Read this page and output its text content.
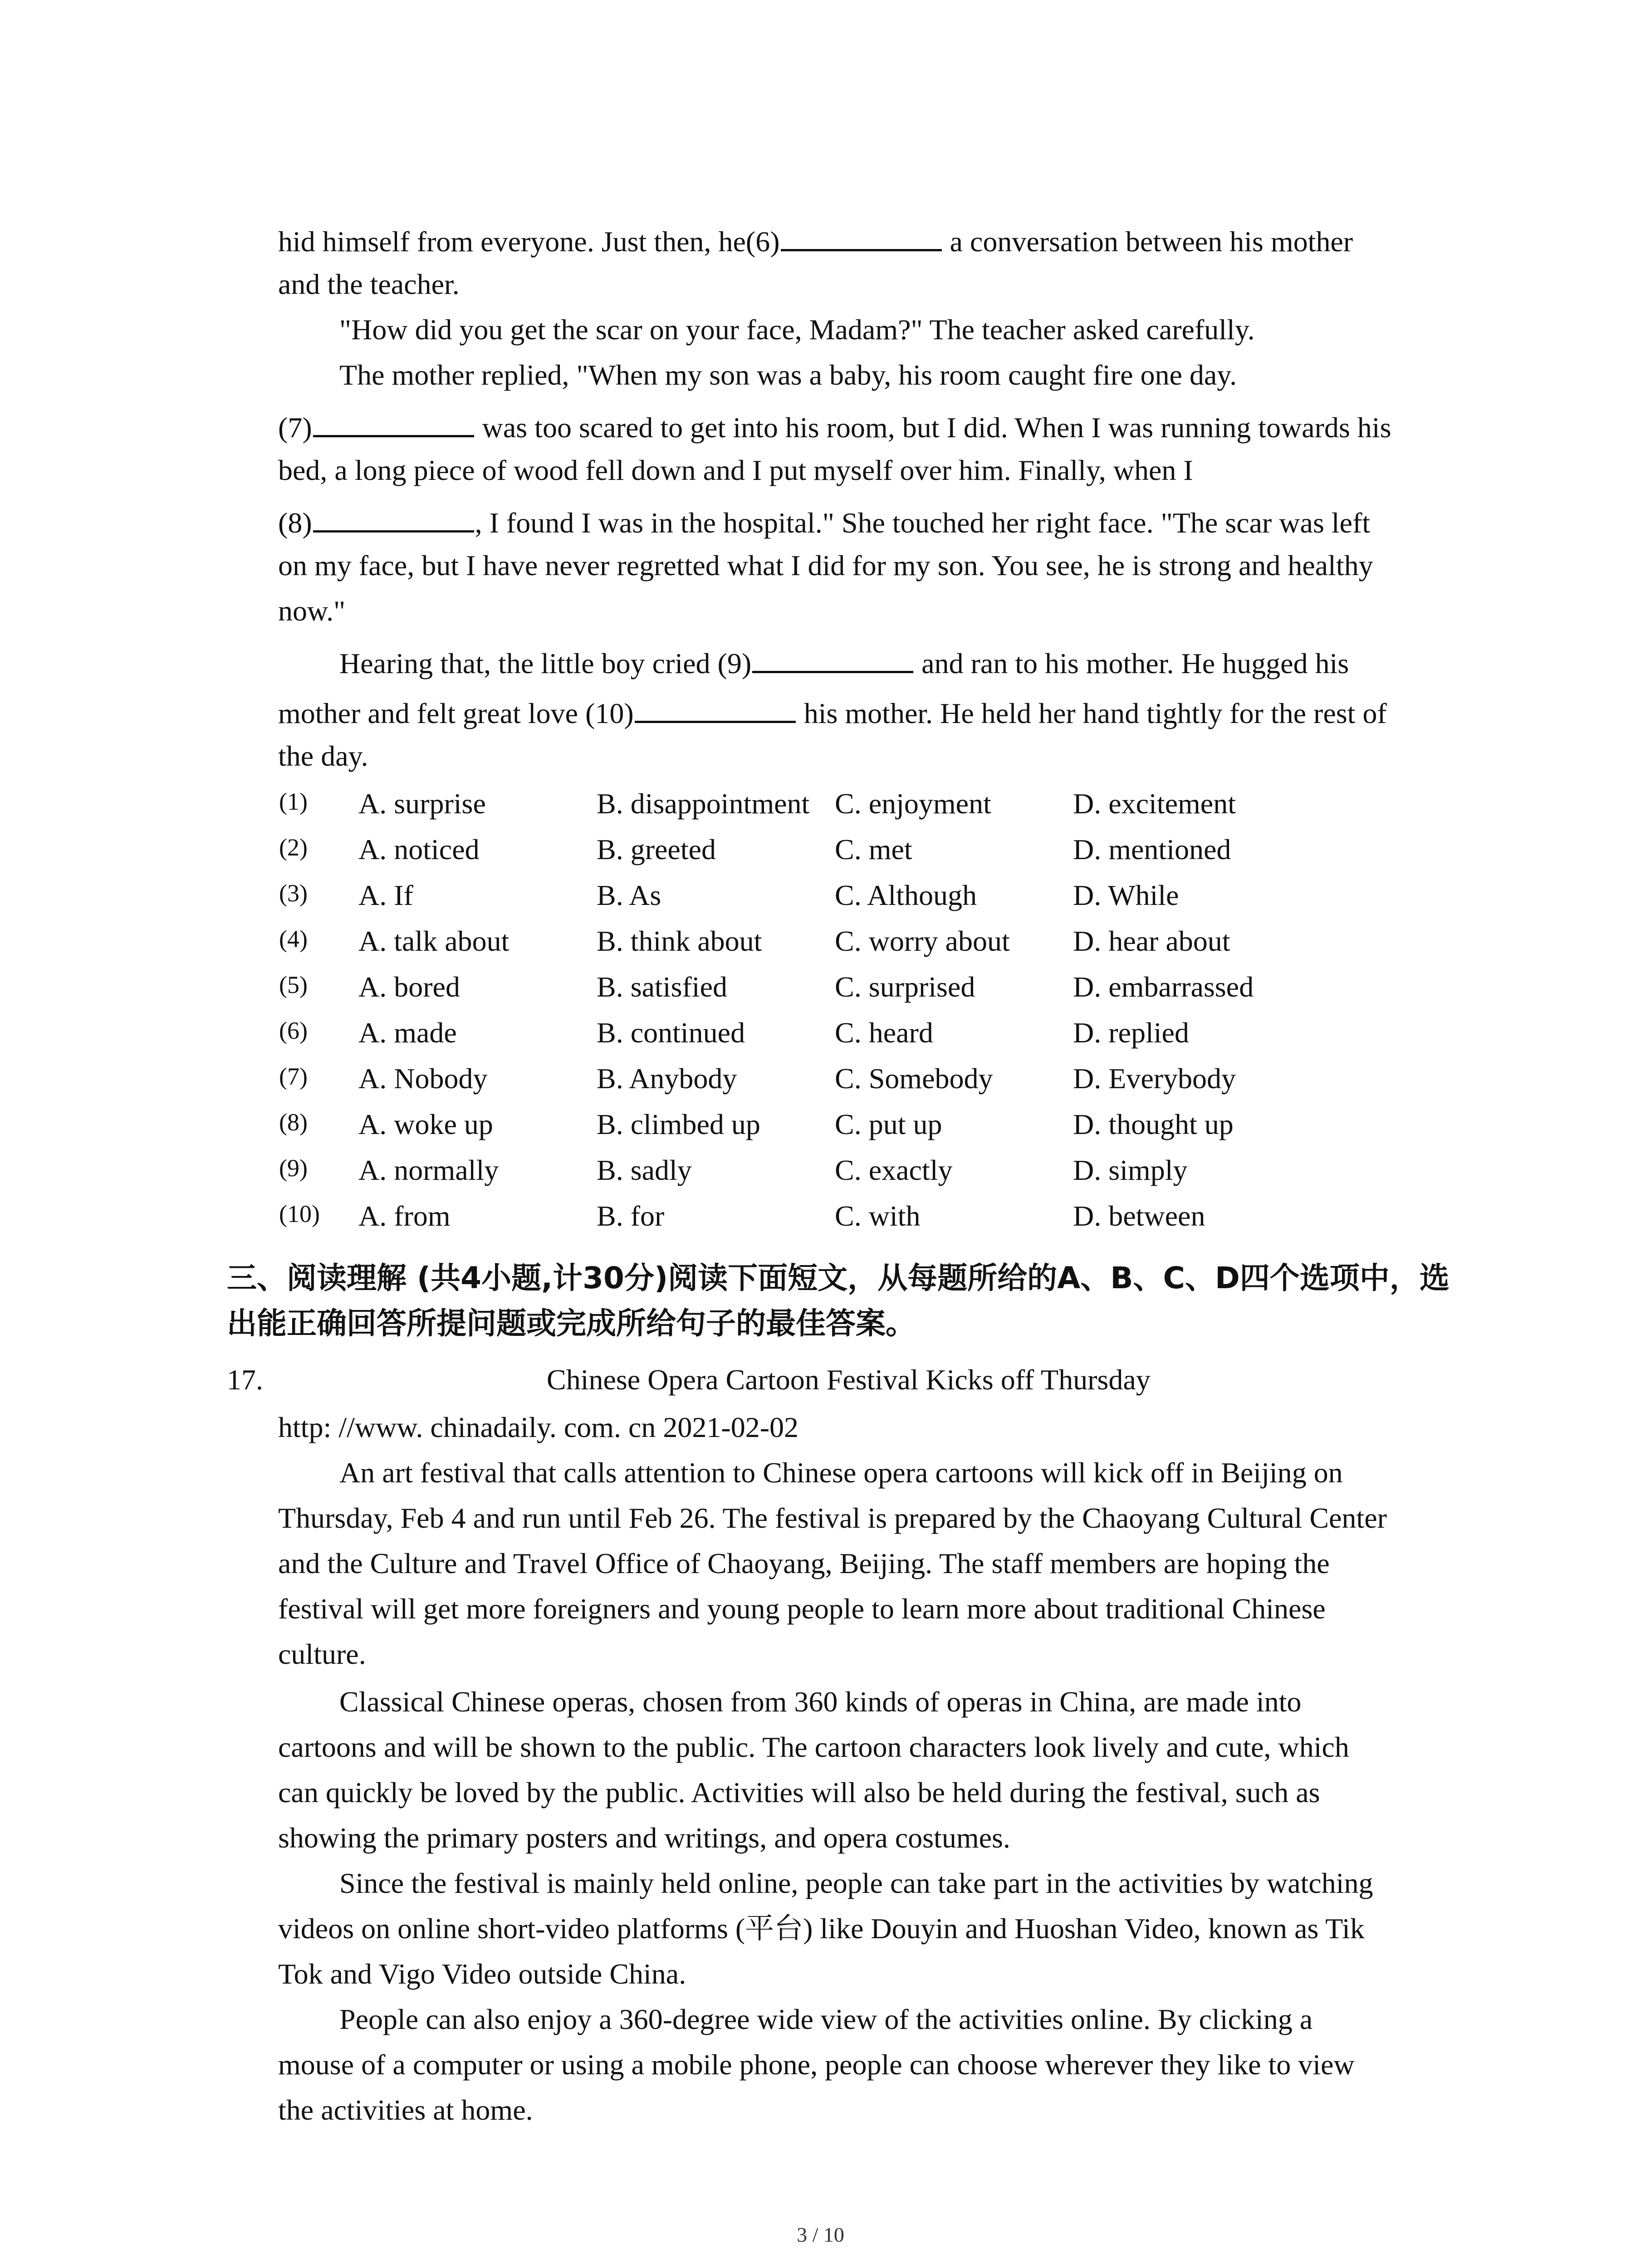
hid himself from everyone. Just then, he(6)	a conversation between his mother
and the teacher.
"How did you get the scar on your face, Madam?" The teacher asked carefully.
The mother replied, "When my son was a baby, his room caught fire one day.
(7)	was too scared to get into his room, but I did. When I was running towards his
bed, a long piece of wood fell down and I put myself over him. Finally, when I
(8)	, I found I was in the hospital." She touched her right face. "The scar was left
on my face, but I have never regretted what I did for my son. You see, he is strong and healthy
now."
Hearing that, the little boy cried (9)	and ran to his mother. He hugged his
mother and felt great love (10)	his mother. He held her hand tightly for the rest of
the day.
(1) A. surprise	B. disappointment C. enjoyment	D. excitement
(2) A. noticed	B. greeted	C. met	D. mentioned
(3) A. If	B. As	C. Although	D. While
(4) A. talk about	B. think about	C. worry about D. hear about
(5) A. bored	B. satisfied	C. surprised	D. embarrassed
(6) A. made	B. continued	C. heard	D. replied
(7) A. Nobody	B. Anybody	C. Somebody	D. Everybody
(8) A. woke up	B. climbed up	C. put up	D. thought up
(9) A. normally	B. sadly	C. exactly	D. simply
(10) A. from	B. for	C. with	D. between
三、阅读理解 (共4小题,计30分)阅读下面短文，从每题所给的A、B、C、D四个选项中，选
出能正确回答所提问题或完成所给句子的最佳答案。
17.	Chinese Opera Cartoon Festival Kicks off Thursday
http: //www. chinadaily. com. cn 2021-02-02
An art festival that calls attention to Chinese opera cartoons will kick off in Beijing on
Thursday, Feb 4 and run until Feb 26. The festival is prepared by the Chaoyang Cultural Center
and the Culture and Travel Office of Chaoyang, Beijing. The staff members are hoping the
festival will get more foreigners and young people to learn more about traditional Chinese
culture.
Classical Chinese operas, chosen from 360 kinds of operas in China, are made into
cartoons and will be shown to the public. The cartoon characters look lively and cute, which
can quickly be loved by the public. Activities will also be held during the festival, such as
showing the primary posters and writings, and opera costumes.
Since the festival is mainly held online, people can take part in the activities by watching
videos on online short-video platforms (平台) like Douyin and Huoshan Video, known as Tik
Tok and Vigo Video outside China.
People can also enjoy a 360-degree wide view of the activities online. By clicking a
mouse of a computer or using a mobile phone, people can choose wherever they like to view
the activities at home.
3 / 10
